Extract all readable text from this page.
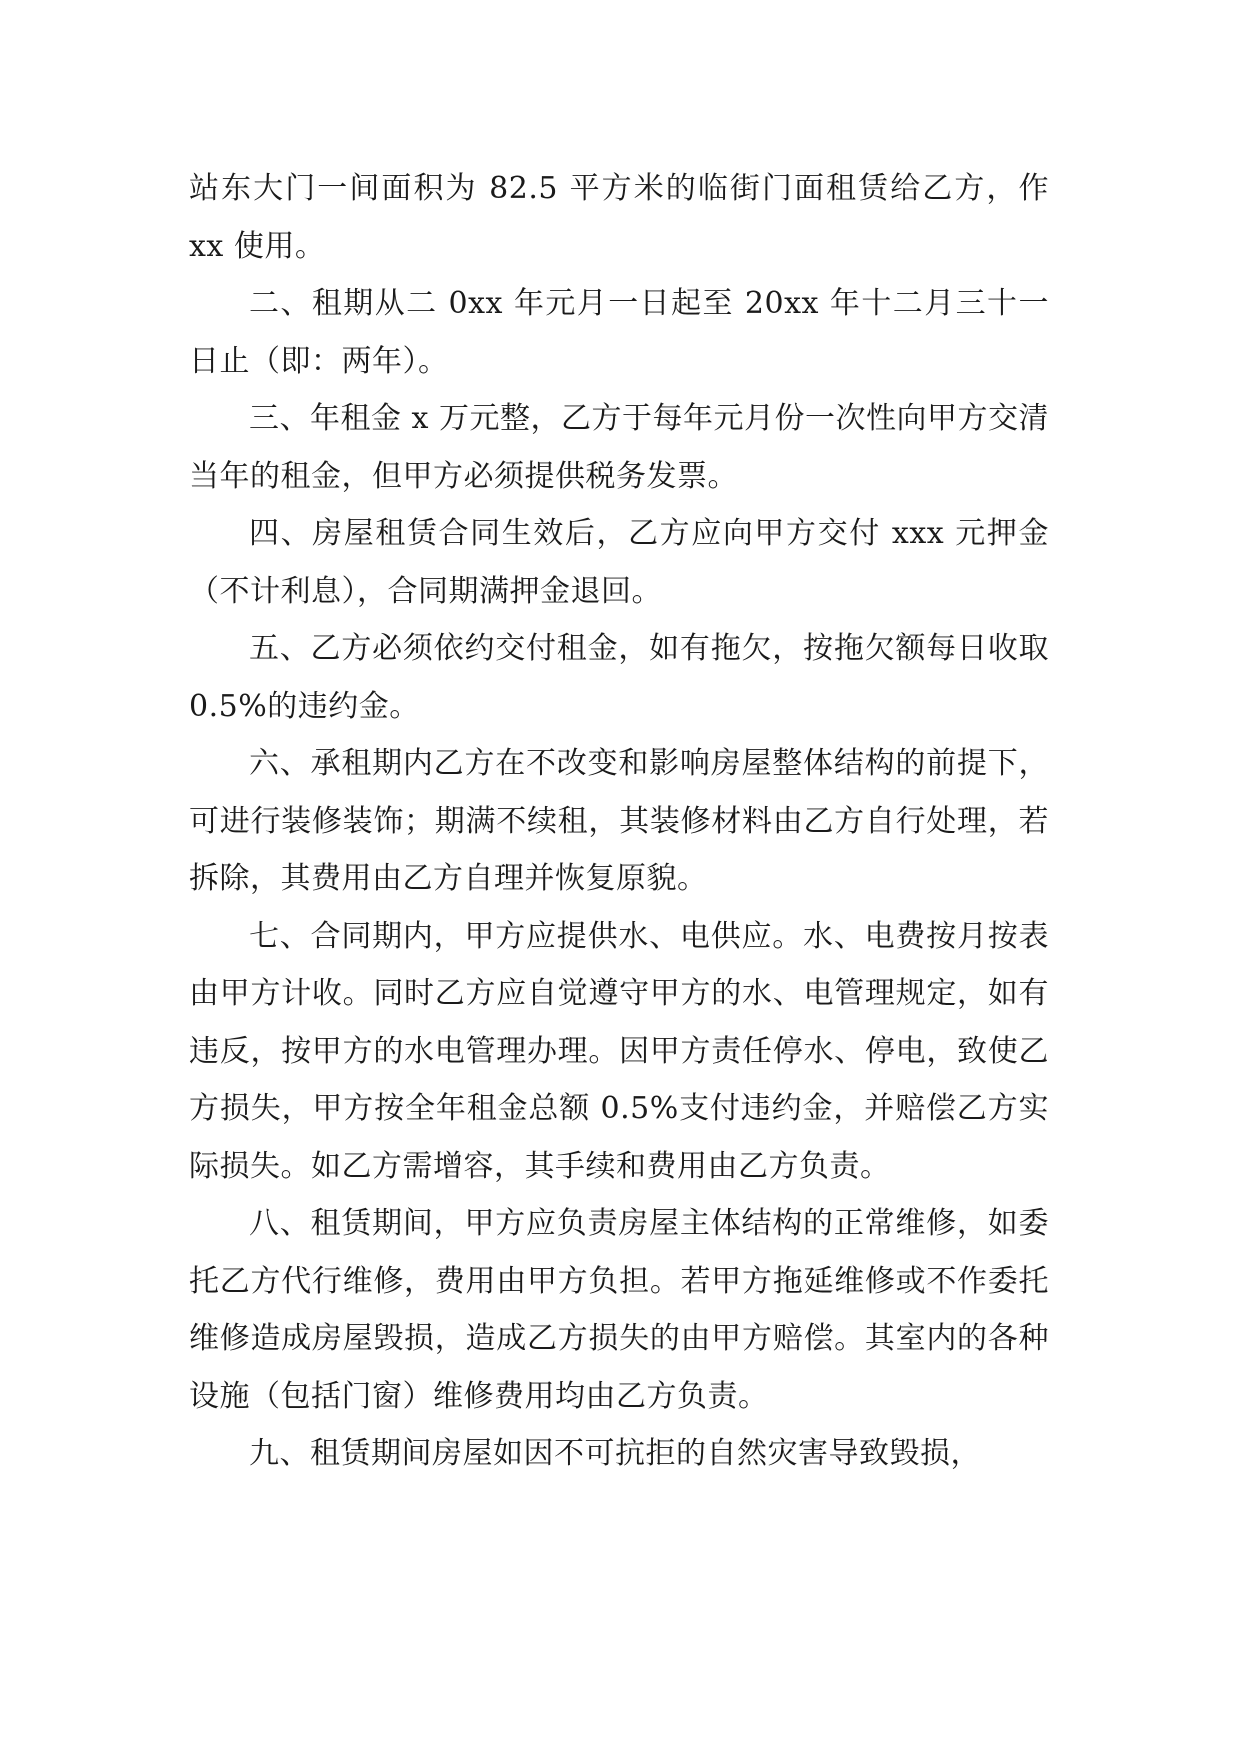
站东大门一间面积为 82.5 平方米的临街门面租赁给乙方，作 xx 使用。

二、租期从二 0xx 年元月一日起至 20xx 年十二月三十一日止（即：两年）。

三、年租金 x 万元整，乙方于每年元月份一次性向甲方交清当年的租金，但甲方必须提供税务发票。

四、房屋租赁合同生效后，乙方应向甲方交付 xxx 元押金（不计利息），合同期满押金退回。

五、乙方必须依约交付租金，如有拖欠，按拖欠额每日收取 0.5%的违约金。

六、承租期内乙方在不改变和影响房屋整体结构的前提下，可进行装修装饰；期满不续租，其装修材料由乙方自行处理，若拆除，其费用由乙方自理并恢复原貌。

七、合同期内，甲方应提供水、电供应。水、电费按月按表由甲方计收。同时乙方应自觉遵守甲方的水、电管理规定，如有违反，按甲方的水电管理办理。因甲方责任停水、停电，致使乙方损失，甲方按全年租金总额 0.5%支付违约金，并赔偿乙方实际损失。如乙方需增容，其手续和费用由乙方负责。

八、租赁期间，甲方应负责房屋主体结构的正常维修，如委托乙方代行维修，费用由甲方负担。若甲方拖延维修或不作委托维修造成房屋毁损，造成乙方损失的由甲方赔偿。其室内的各种设施（包括门窗）维修费用均由乙方负责。

九、租赁期间房屋如因不可抗拒的自然灾害导致毁损，
